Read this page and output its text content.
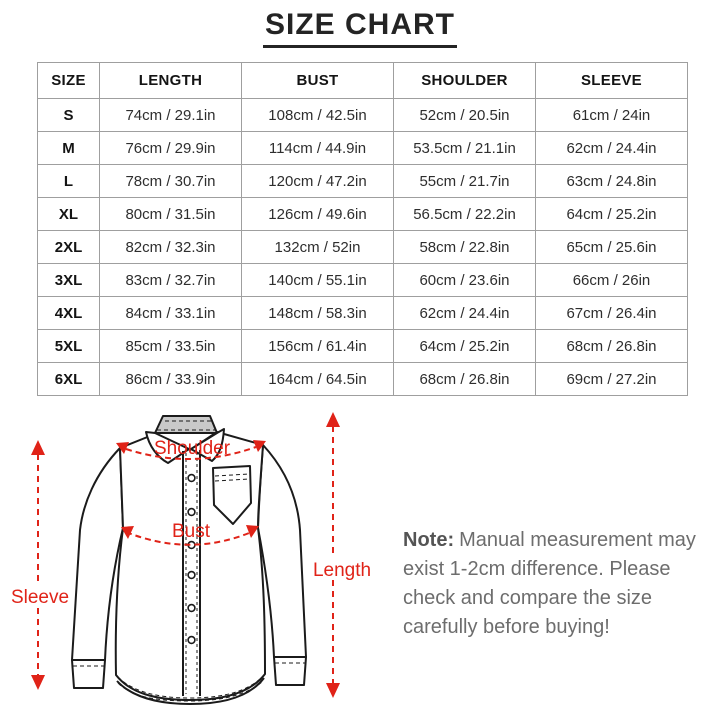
SIZE CHART
SIZE	LENGTH	BUST	SHOULDER	SLEEVE
S	74cm / 29.1in	108cm / 42.5in	52cm / 20.5in	61cm / 24in
M	76cm / 29.9in	114cm / 44.9in	53.5cm / 21.1in	62cm / 24.4in
L	78cm / 30.7in	120cm / 47.2in	55cm / 21.7in	63cm / 24.8in
XL	80cm / 31.5in	126cm / 49.6in	56.5cm / 22.2in	64cm / 25.2in
2XL	82cm / 32.3in	132cm / 52in	58cm / 22.8in	65cm / 25.6in
3XL	83cm / 32.7in	140cm / 55.1in	60cm / 23.6in	66cm / 26in
4XL	84cm / 33.1in	148cm / 58.3in	62cm / 24.4in	67cm / 26.4in
5XL	85cm / 33.5in	156cm / 61.4in	64cm / 25.2in	68cm / 26.8in
6XL	86cm / 33.9in	164cm / 64.5in	68cm / 26.8in	69cm / 27.2in
Shoulder
Bust
Sleeve
Length

Note: Manual measurement may exist 1-2cm difference. Please check and compare the size carefully before buying!
